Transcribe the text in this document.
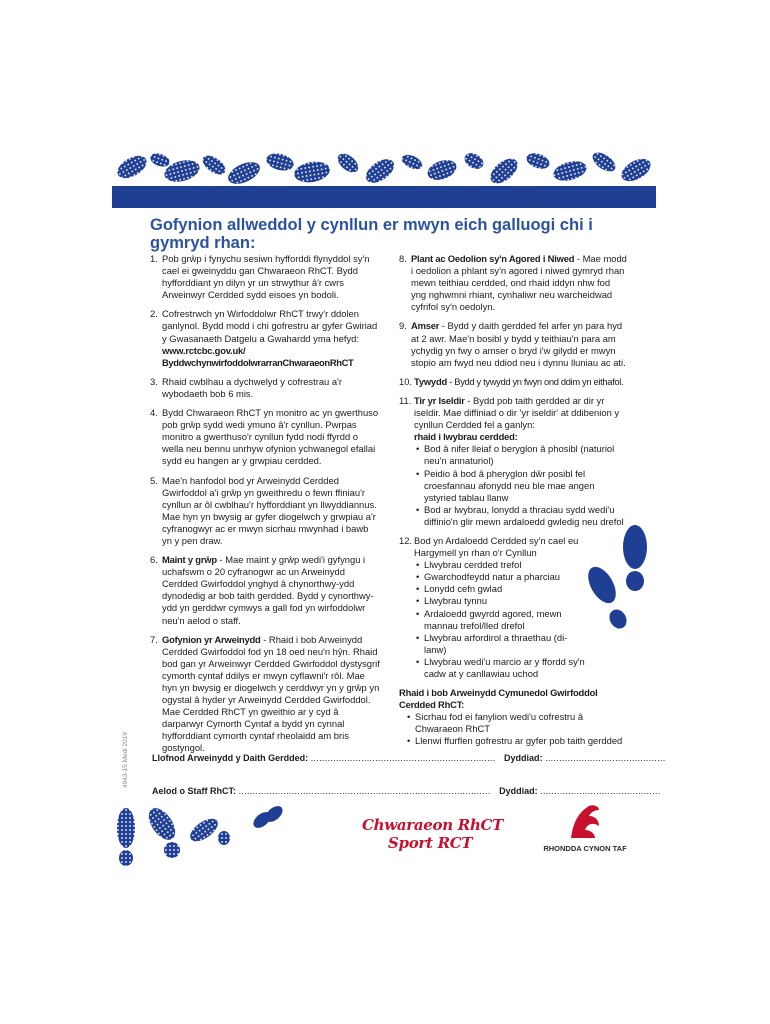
Gofynion allweddol y cynllun er mwyn eich galluogi chi i gymryd rhan:
1. Pob grŵp i fynychu sesiwn hyfforddi flynyddol sy'n cael ei gweinyddu gan Chwaraeon RhCT. Bydd hyfforddiant yn dilyn yr un strwythur â'r cwrs Arweinwyr Cerdded sydd eisoes yn bodoli.
2. Cofrestrwch yn Wirfoddolwr RhCT trwy'r ddolen ganlynol. Bydd modd i chi gofrestru ar gyfer Gwiriad y Gwasanaeth Datgelu a Gwahardd yma hefyd: www.rctcbc.gov.uk/
ByddwchynwirfoddolwrarranChwaraeonRhCT
3. Rhaid cwblhau a dychwelyd y cofrestrau a'r wybodaeth bob 6 mis.
4. Bydd Chwaraeon RhCT yn monitro ac yn gwerthuso pob grŵp sydd wedi ymuno â'r cynllun. Pwrpas monitro a gwerthuso'r cynllun fydd nodi ffyrdd o wella neu bennu unrhyw ofynion ychwanegol efallai sydd eu hangen ar y grwpiau cerdded.
5. Mae'n hanfodol bod yr Arweinydd Cerdded Gwirfoddol a'i grŵp yn gweithredu o fewn ffiniau'r cynllun ar ôl cwblhau'r hyfforddiant yn llwyddiannus. Mae hyn yn bwysig ar gyfer diogelwch y grwpiau a'r cyfranogwyr ac er mwyn sicrhau mwynhad i bawb yn y pen draw.
6. Maint y grŵp - Mae maint y grŵp wedi'i gyfyngu i uchafswm o 20 cyfranogwr ac un Arweinydd Cerdded Gwirfoddol ynghyd â chynorthwy-ydd dynodedig ar bob taith gerdded. Bydd y cynorthwy-ydd yn gerddwr cymwys a gall fod yn wirfoddolwr neu'n aelod o staff.
7. Gofynion yr Arweinydd - Rhaid i bob Arweinydd Cerdded Gwirfoddol fod yn 18 oed neu'n hŷn. Rhaid bod gan yr Arweinwyr Cerdded Gwirfoddol dystysgrif cymorth cyntaf ddilys er mwyn cyflawni'r rôl. Mae hyn yn bwysig er diogelwch y cerddwyr yn y grŵp yn ogystal â hyder yr Arweinydd Cerdded Gwirfoddol. Mae Cerdded RhCT yn gweithio ar y cyd â darparwyr Cymorth Cyntaf a bydd yn cynnal hyfforddiant cymorth cyntaf rheolaidd am bris gostyngol.
8. Plant ac Oedolion sy'n Agored i Niwed - Mae modd i oedolion a phlant sy'n agored i niwed gymryd rhan mewn teithiau cerdded, ond rhaid iddyn nhw fod yng nghwmni rhiant, cynhaliwr neu warcheidwad cyfrifol sy'n oedolyn.
9. Amser - Bydd y daith gerdded fel arfer yn para hyd at 2 awr. Mae'n bosibl y bydd y teithiau'n para am ychydig yn fwy o amser o bryd i'w gilydd er mwyn stopio am fwyd neu ddiod neu i dynnu lluniau ac ati.
10. Tywydd - Bydd y tywydd yn fwyn ond ddim yn eithafol.
11. Tir yr Iseldir - Bydd pob taith gerdded ar dir yr iseldir. Mae diffiniad o dir 'yr iseldir' at ddibenion y cynllun Cerdded fel a ganlyn:
rhaid i lwybrau cerdded:
• Bod â nifer lleiaf o beryglon â phosibl (naturiol neu'n annaturiol)
• Peidio â bod â pheryglon dŵr posibl fel croesfannau afonydd neu ble mae angen ystyried tablau llanw
• Bod ar lwybrau, lonydd a thraciau sydd wedi'u diffinio'n glir mewn ardaloedd gwledig neu drefol
12. Bod yn Ardaloedd Cerdded sy'n cael eu Hargymell yn rhan o'r Cynllun
• Llwybrau cerdded trefol
• Gwarchodfeydd natur a pharciau
• Lonydd cefn gwlad
• Llwybrau tynnu
• Ardaloedd gwyrdd agored, mewn mannau trefol/lled drefol
• Llwybrau arfordirol a thraethau (di-lanw)
• Llwybrau wedi'u marcio ar y ffordd sy'n cadw at y canllawiau uchod
Rhaid i bob Arweinydd Cymunedol Gwirfoddol Cerdded RhCT:
• Sicrhau fod ei fanylion wedi'u cofrestru â Chwaraeon RhCT
• Llenwi ffurflen gofrestru ar gyfer pob taith gerdded
Llofnod Arweinydd y Daith Gerdded: .................................................................. Dyddiad: ...........................................
Aelod o Staff RhCT: .......................................................................................... Dyddiad: ...........................................
4943-15 Medi 2019
Chwaraeon RhCT
Sport RCT	RHONDDA CYNON TAF
